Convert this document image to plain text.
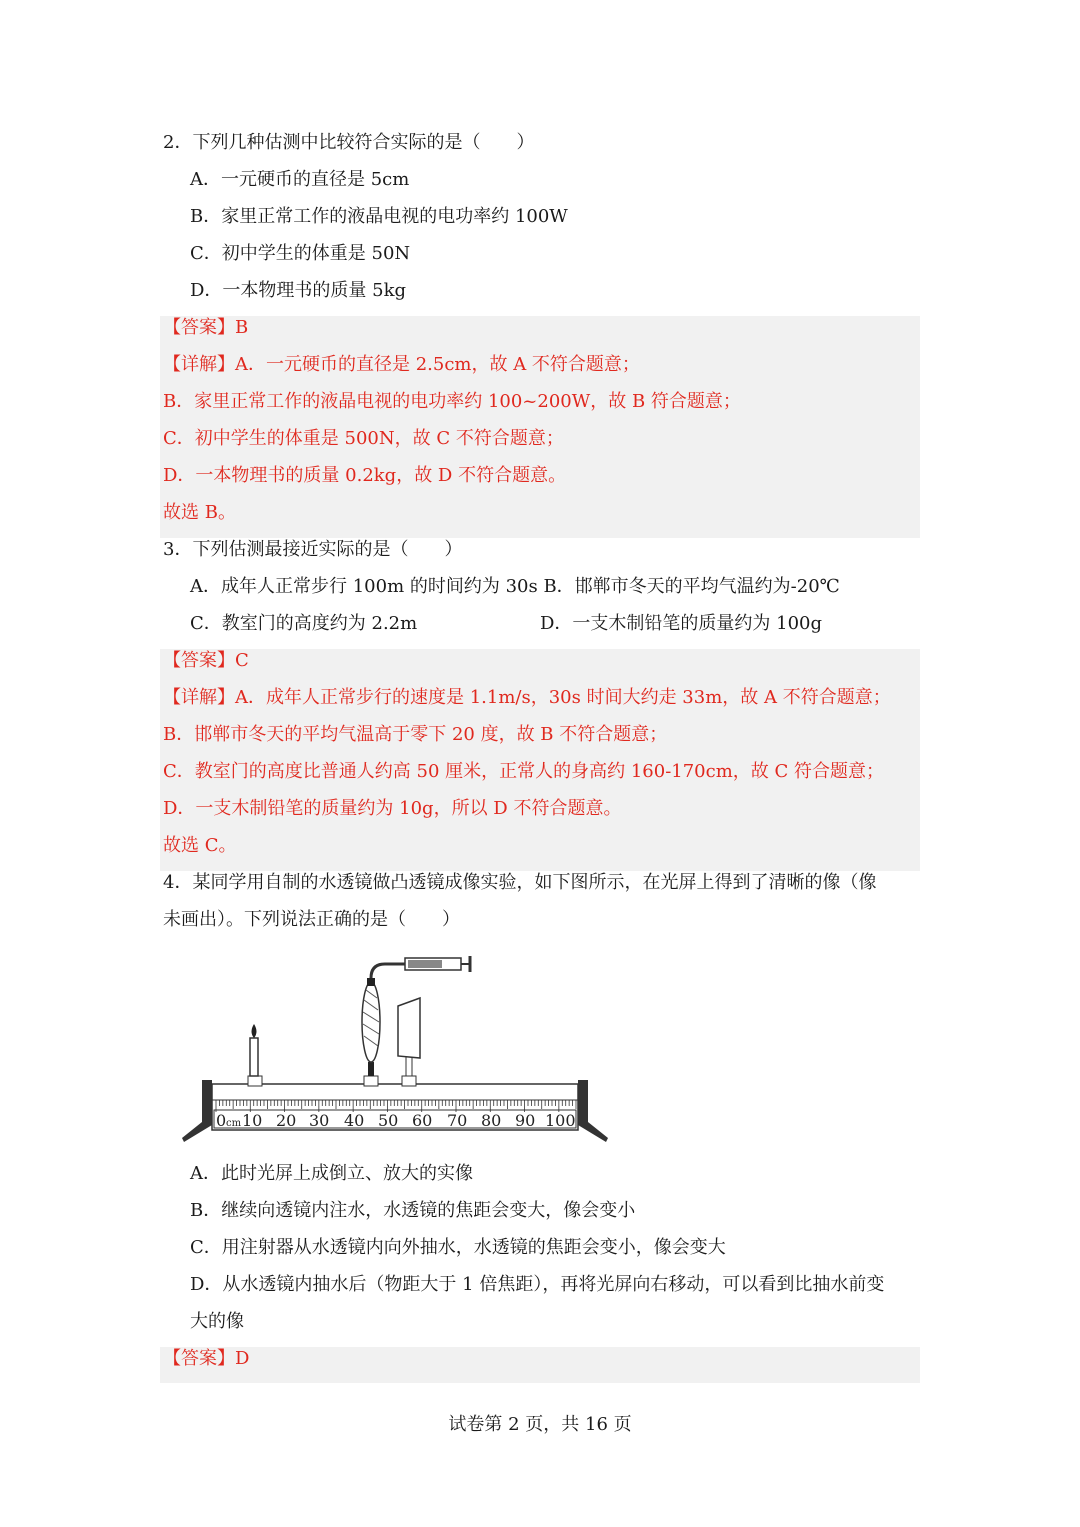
2．下列几种估测中比较符合实际的是（　　）
A．一元硬币的直径是 5cm
B．家里正常工作的液晶电视的电功率约 100W
C．初中学生的体重是 50N
D．一本物理书的质量 5kg
【答案】B
【详解】A．一元硬币的直径是 2.5cm，故 A 不符合题意；
B．家里正常工作的液晶电视的电功率约 100~200W，故 B 符合题意；
C．初中学生的体重是 500N，故 C 不符合题意；
D．一本物理书的质量 0.2kg，故 D 不符合题意。
故选 B。
3．下列估测最接近实际的是（　　）
A．成年人正常步行 100m 的时间约为 30s B．邯郸市冬天的平均气温约为-20℃
C．教室门的高度约为 2.2m	D．一支木制铅笔的质量约为 100g
【答案】C
【详解】A．成年人正常步行的速度是 1.1m/s，30s 时间大约走 33m，故 A 不符合题意；
B．邯郸市冬天的平均气温高于零下 20 度，故 B 不符合题意；
C．教室门的高度比普通人约高 50 厘米，正常人的身高约 160-170cm，故 C 符合题意；
D．一支木制铅笔的质量约为 10g，所以 D 不符合题意。
故选 C。
4．某同学用自制的水透镜做凸透镜成像实验，如下图所示，在光屏上得到了清晰的像（像
未画出）。下列说法正确的是（　　）
0 cm 10 20 30 40 50 60 70 80 90 100
A．此时光屏上成倒立、放大的实像
B．继续向透镜内注水，水透镜的焦距会变大，像会变小
C．用注射器从水透镜内向外抽水，水透镜的焦距会变小，像会变大
D．从水透镜内抽水后（物距大于 1 倍焦距），再将光屏向右移动，可以看到比抽水前变
大的像
【答案】D
试卷第 2 页，共 16 页
